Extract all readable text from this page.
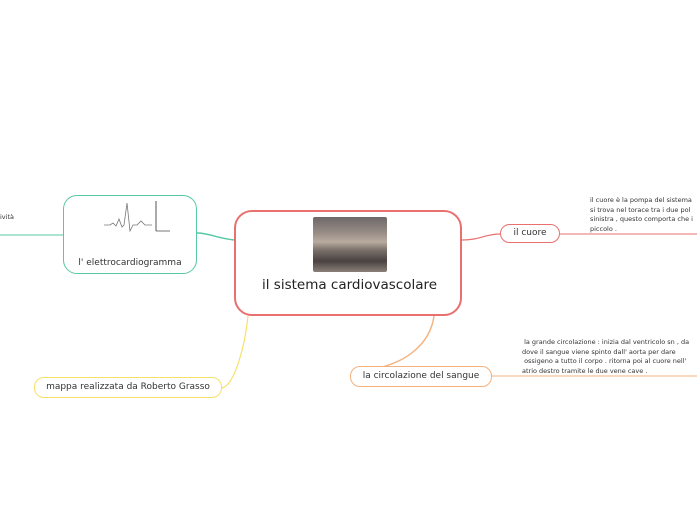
ività
l' elettrocardiogramma
il sistema cardiovascolare
il cuore
il cuore è la pompa del sistema
si trova nel torace tra i due pol
sinistra , questo comporta che i
piccolo .
la circolazione del sangue
la grande circolazione : inizia dal ventricolo sn , da
dove il sangue viene spinto dall' aorta per dare
ossigeno a tutto il corpo . ritorna poi al cuore nell'
atrio destro tramite le due vene cave .
mappa realizzata da Roberto Grasso
